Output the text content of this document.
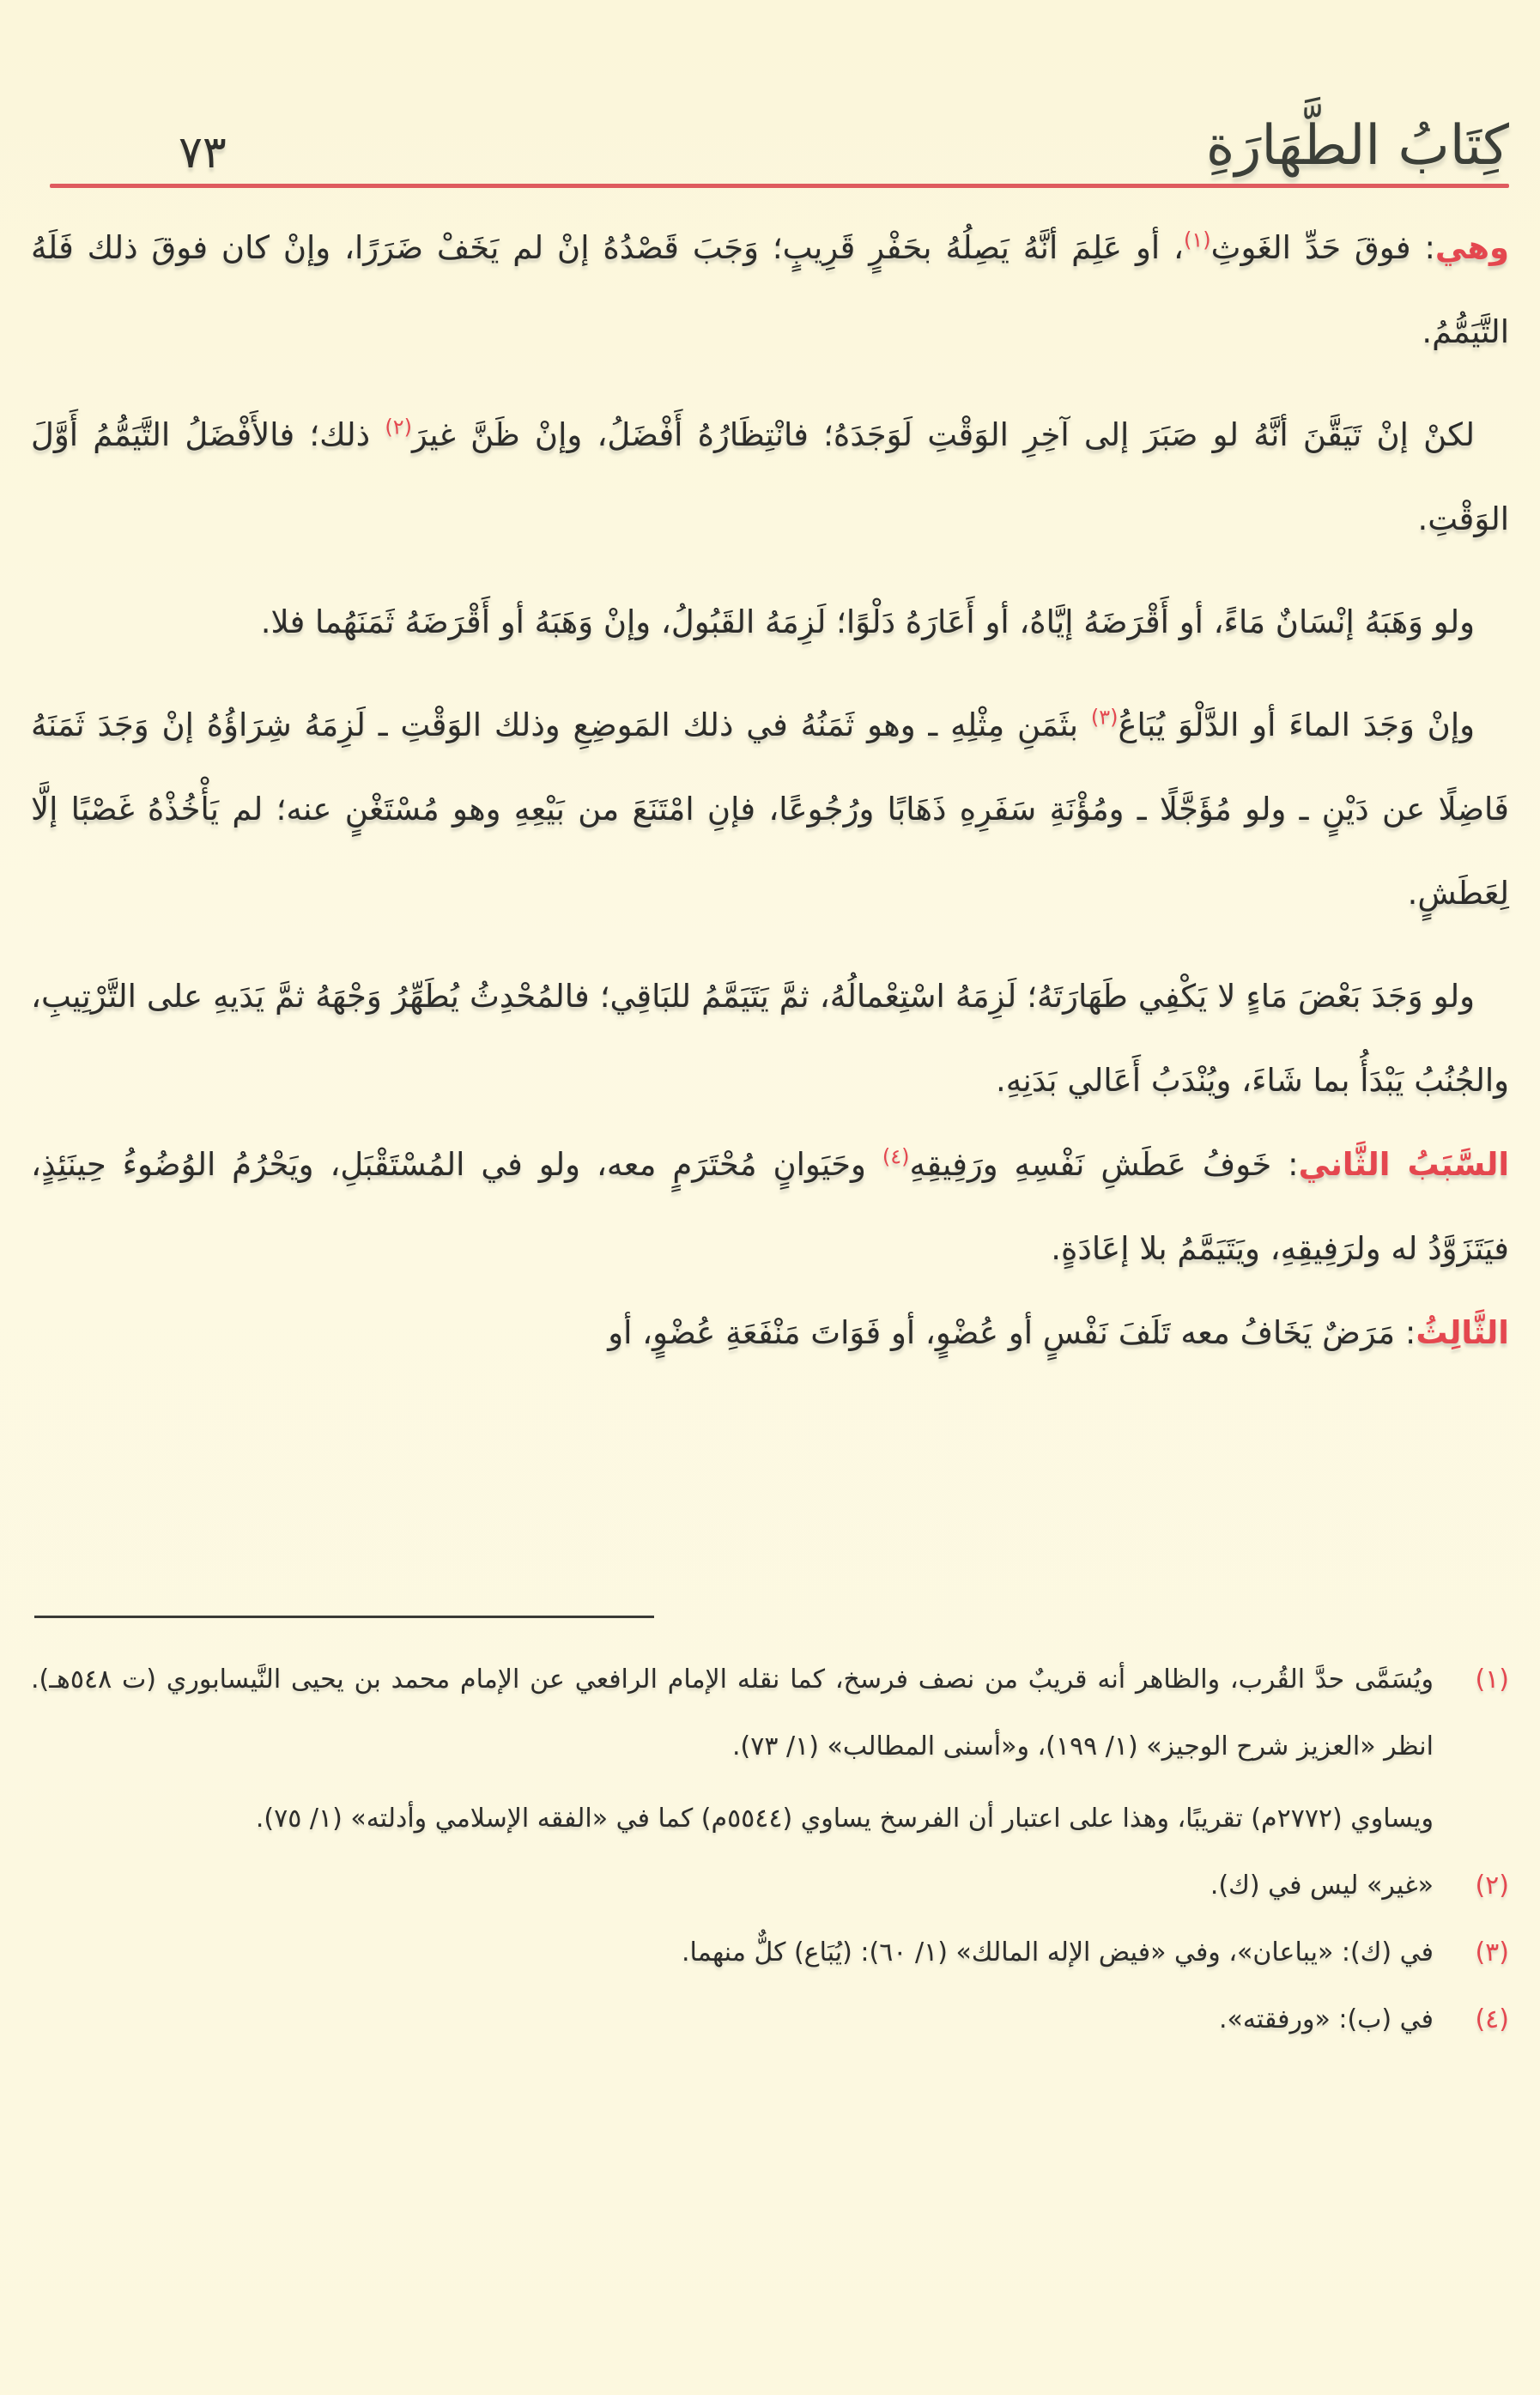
كِتَابُ الطَّهَارَةِ
٧٣

وهي: فوقَ حَدِّ الغَوثِ$^{(١)}$، أو عَلِمَ أنَّهُ يَصِلُهُ بحَفْرٍ قَرِيبٍ؛ وَجَبَ قَصْدُهُ إنْ لم يَخَفْ ضَرَرًا، وإنْ كان فوقَ ذلك فَلَهُ التَّيَمُّمُ.

لكنْ إنْ تَيَقَّنَ أنَّهُ لو صَبَرَ إلى آخِرِ الوَقْتِ لَوَجَدَهُ؛ فانْتِظَارُهُ أَفْضَلُ، وإنْ ظَنَّ غيرَ$^{(٢)}$ ذلك؛ فالأَفْضَلُ التَّيَمُّمُ أَوَّلَ الوَقْتِ.

ولو وَهَبَهُ إنْسَانٌ مَاءً، أو أَقْرَضَهُ إيَّاهُ، أو أَعَارَهُ دَلْوًا؛ لَزِمَهُ القَبُولُ، وإنْ وَهَبَهُ أو أَقْرَضَهُ ثَمَنَهُما فلا.

وإنْ وَجَدَ الماءَ أو الدَّلْوَ يُبَاعُ$^{(٣)}$ بثَمَنِ مِثْلِهِ ـ وهو ثَمَنُهُ في ذلك المَوضِعِ وذلك الوَقْتِ ـ لَزِمَهُ شِرَاؤُهُ إنْ وَجَدَ ثَمَنَهُ فَاضِلًا عن دَيْنٍ ـ ولو مُؤَجَّلًا ـ ومُؤْنَةِ سَفَرِهِ ذَهَابًا ورُجُوعًا، فإنِ امْتَنَعَ من بَيْعِهِ وهو مُسْتَغْنٍ عنه؛ لم يَأْخُذْهُ غَصْبًا إلَّا لِعَطَشٍ.

ولو وَجَدَ بَعْضَ مَاءٍ لا يَكْفِي طَهَارَتَهُ؛ لَزِمَهُ اسْتِعْمالُهُ، ثمَّ يَتَيَمَّمُ للبَاقِي؛ فالمُحْدِثُ يُطَهِّرُ وَجْهَهُ ثمَّ يَدَيهِ على التَّرْتِيبِ، والجُنُبُ يَبْدَأُ بما شَاءَ، ويُنْدَبُ أَعَالي بَدَنِهِ.

السَّبَبُ الثَّاني: خَوفُ عَطَشِ نَفْسِهِ ورَفِيقِهِ$^{(٤)}$ وحَيَوانٍ مُحْتَرَمٍ معه، ولو في المُسْتَقْبَلِ، ويَحْرُمُ الوُضُوءُ حِينَئِذٍ، فيَتَزَوَّدُ له ولرَفِيقِهِ، ويَتَيَمَّمُ بلا إعَادَةٍ.

الثَّالِثُ: مَرَضٌ يَخَافُ معه تَلَفَ نَفْسٍ أو عُضْوٍ، أو فَوَاتَ مَنْفَعَةِ عُضْوٍ، أو

(١)
ويُسَمَّى حدَّ القُرب، والظاهر أنه قريبٌ من نصف فرسخ، كما نقله الإمام الرافعي عن الإمام محمد بن يحيى النَّيسابوري (ت ٥٤٨هـ). انظر «العزيز شرح الوجيز» (١/ ١٩٩)، و«أسنى المطالب» (١/ ٧٣).
ويساوي (٢٧٧٢م) تقريبًا، وهذا على اعتبار أن الفرسخ يساوي (٥٥٤٤م) كما في «الفقه الإسلامي وأدلته» (١/ ٧٥).
(٢)
«غير» ليس في (ك).
(٣)
في (ك): «يباعان»، وفي «فيض الإله المالك» (١/ ٦٠): (يُبَاع) كلٌّ منهما.
(٤)
في (ب): «ورفقته».
